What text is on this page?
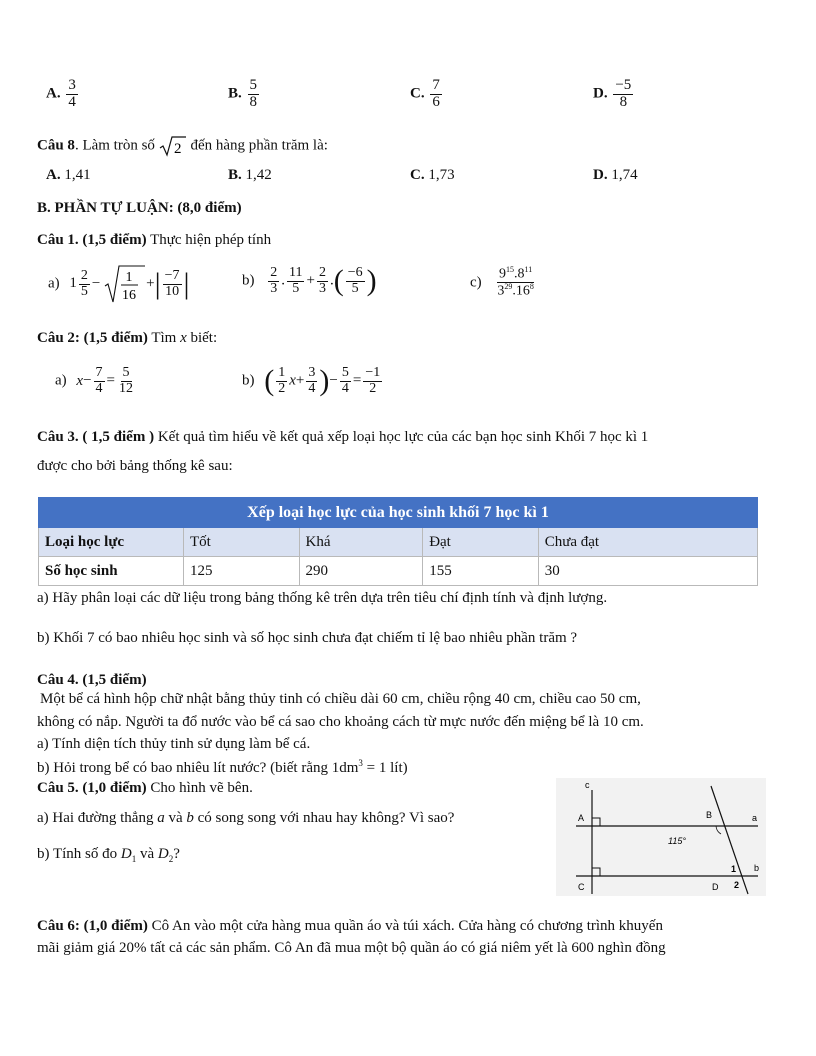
A. $\frac{3}{4}$	B. $\frac{5}{8}$	C. $\frac{7}{6}$	D. $\frac{-5}{8}$
Câu 8. Làm tròn số 2 đến hàng phần trăm là:
A. 1,41	B. 1,42	C. 1,73	D. 1,74
B. PHẦN TỰ LUẬN: (8,0 điểm)
Câu 1. (1,5 điểm) Thực hiện phép tính
a) $1 \frac{2}{5} - 1$
16
+| $\frac{-7}{10}$ |	$b) \frac{2}{3}$ . $\frac{11}{5} + \frac{2}{3}$ .( $\frac{-6}{5}$ )	$c) \frac{9^{15}.8^{11}}{3^{29}.16^8}$
Câu 2: (1,5 điểm) Tìm x biết:
a) $x- \frac{7}{4} = \frac{5}{12}$	b) ( $\frac{1}{2} x+ \frac{3}{4}$ )− $\frac{5}{4} = \frac{-1}{2}$
Câu 3. ( 1,5 điểm ) Kết quả tìm hiểu về kết quả xếp loại học lực của các bạn học sinh Khối 7 học kì 1
được cho bởi bảng thống kê sau:
Xếp loại học lực của học sinh khối 7 học kì 1				
Loại học lực	Tốt	Khá	Đạt	Chưa đạt
Số học sinh	125	290	155	30
a) Hãy phân loại các dữ liệu trong bảng thống kê trên dựa trên tiêu chí định tính và định lượng.
b) Khối 7 có bao nhiêu học sinh và số học sinh chưa đạt chiếm tỉ lệ bao nhiêu phần trăm ?
Câu 4. (1,5 điểm)
Một bể cá hình hộp chữ nhật bằng thủy tinh có chiều dài 60 cm, chiều rộng 40 cm, chiều cao 50 cm,
không có nắp. Người ta đổ nước vào bể cá sao cho khoảng cách từ mực nước đến miệng bể là 10 cm.
a) Tính diện tích thủy tinh sử dụng làm bể cá.
b) Hỏi trong bể có bao nhiêu lít nước? (biết rằng $1dm^3 = 1$ lít)
Câu 5. (1,0 điểm) Cho hình vẽ bên.
a) Hai đường thẳng a và b có song song với nhau hay không? Vì sao?
b) Tính số đo $D_1$ và $D_2$?
c
A	B	a
115°
1 b
C	D 2
Câu 6: (1,0 điểm) Cô An vào một cửa hàng mua quần áo và túi xách. Cửa hàng có chương trình khuyến
mãi giảm giá 20% tất cả các sản phẩm. Cô An đã mua một bộ quần áo có giá niêm yết là 600 nghìn đồng
